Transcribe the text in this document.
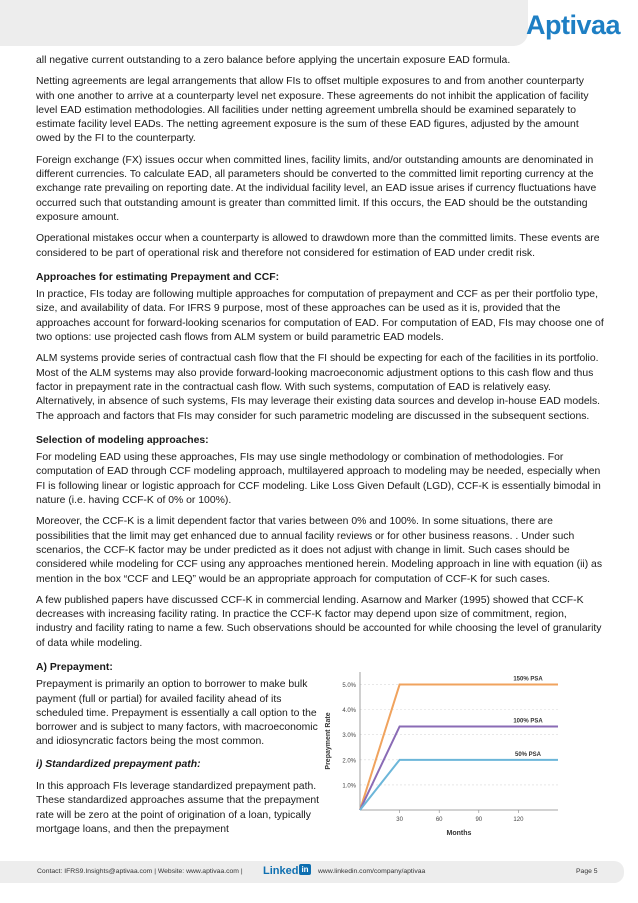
Aptivaa

all negative current outstanding to a zero balance before applying the uncertain exposure EAD formula.

Netting agreements are legal arrangements that allow FIs to offset multiple exposures to and from another counterparty with one another to arrive at a counterparty level net exposure. These agreements do not inhibit the application of facility level EAD estimation methodologies. All facilities under netting agreement umbrella should be examined separately to estimate facility level EADs. The netting agreement exposure is the sum of these EAD figures, adjusted by the amount owed by the FI to the counterparty.

Foreign exchange (FX) issues occur when committed lines, facility limits, and/or outstanding amounts are denominated in different currencies. To calculate EAD, all parameters should be converted to the committed limit reporting currency at the exchange rate prevailing on reporting date. At the individual facility level, an EAD issue arises if currency fluctuations have occurred such that outstanding amount is greater than committed limit. If this occurs, the EAD should be the outstanding exposure amount.

Operational mistakes occur when a counterparty is allowed to drawdown more than the committed limits. These events are considered to be part of operational risk and therefore not considered for estimation of EAD under credit risk.

Approaches for estimating Prepayment and CCF:

In practice, FIs today are following multiple approaches for computation of prepayment and CCF as per their portfolio type, size, and availability of data. For IFRS 9 purpose, most of these approaches can be used as it is, provided that the approaches account for forward-looking scenarios for computation of EAD. For computation of EAD, FIs may choose one of two options: use projected cash flows from ALM system or build parametric EAD models.

ALM systems provide series of contractual cash flow that the FI should be expecting for each of the facilities in its portfolio. Most of the ALM systems may also provide forward-looking macroeconomic adjustment options to this cash flow and thus factor in prepayment rate in the contractual cash flow. With such systems, computation of EAD is relatively easy. Alternatively, in absence of such systems, FIs may leverage their existing data sources and develop in-house EAD models. The approach and factors that FIs may consider for such parametric modeling are discussed in the subsequent sections.

Selection of modeling approaches:

For modeling EAD using these approaches, FIs may use single methodology or combination of methodologies. For computation of EAD through CCF modeling approach, multilayered approach to modeling may be needed, especially when FI is following linear or logistic approach for CCF modeling. Like Loss Given Default (LGD), CCF-K is essentially bimodal in nature (i.e. having CCF-K of 0% or 100%).

Moreover, the CCF-K is a limit dependent factor that varies between 0% and 100%. In some situations, there are possibilities that the limit may get enhanced due to annual facility reviews or for other business reasons. . Under such scenarios, the CCF-K factor may be under predicted as it does not adjust with change in limit. Such cases should be considered while modeling for CCF using any approaches mentioned herein. Modeling approach in line with equation (ii) as mention in the box “CCF and LEQ” would be an appropriate approach for computation of CCF-K for such cases.

A few published papers have discussed CCF-K in commercial lending. Asarnow and Marker (1995) showed that CCF-K decreases with increasing facility rating. In practice the CCF-K factor may depend upon size of commitment, region, industry and facility rating to name a few. Such observations should be accounted for while choosing the level of granularity of data while modeling.

A) Prepayment:

Prepayment is primarily an option to borrower to make bulk payment (full or partial) for availed facility ahead of its scheduled time. Prepayment is essentially a call option to the borrower and is subject to many factors, with macroeconomic and idiosyncratic factors being the most common.

i) Standardized prepayment path:

In this approach FIs leverage standardized prepayment path. These standardized approaches assume that the prepayment rate will be zero at the point of origination of a loan, typically mortgage loans, and then the prepayment

1.0%
2.0%
3.0%
4.0%
5.0%
30	60	90	120
Months
Prepayment Rate
150% PSA
100% PSA
50% PSA
Contact: IFRS9.Insights@aptivaa.com | Website: www.aptivaa.com | Linked in www.linkedin.com/company/aptivaa	Page 5
